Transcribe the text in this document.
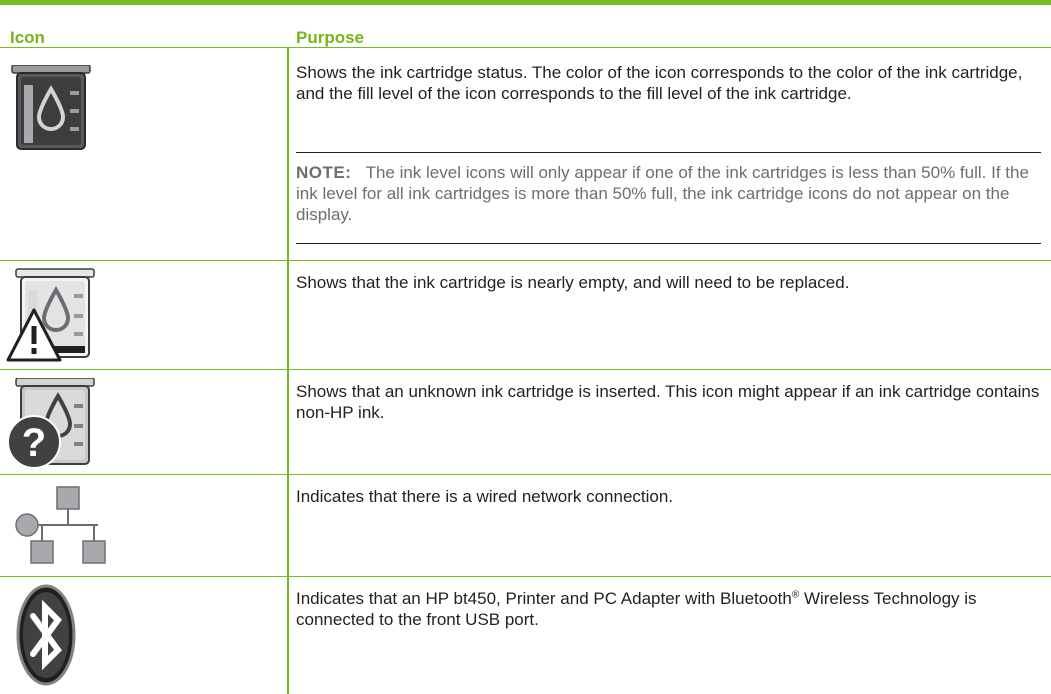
Icon	Purpose
Shows the ink cartridge status. The color of the icon corresponds to the color of the ink cartridge, and the fill level of the icon corresponds to the fill level of the ink cartridge.
NOTE: The ink level icons will only appear if one of the ink cartridges is less than 50% full. If the ink level for all ink cartridges is more than 50% full, the ink cartridge icons do not appear on the display.
Shows that the ink cartridge is nearly empty, and will need to be replaced.
?
Shows that an unknown ink cartridge is inserted. This icon might appear if an ink cartridge contains non-HP ink.
Indicates that there is a wired network connection.
Indicates that an HP bt450, Printer and PC Adapter with Bluetooth® Wireless Technology is connected to the front USB port.
